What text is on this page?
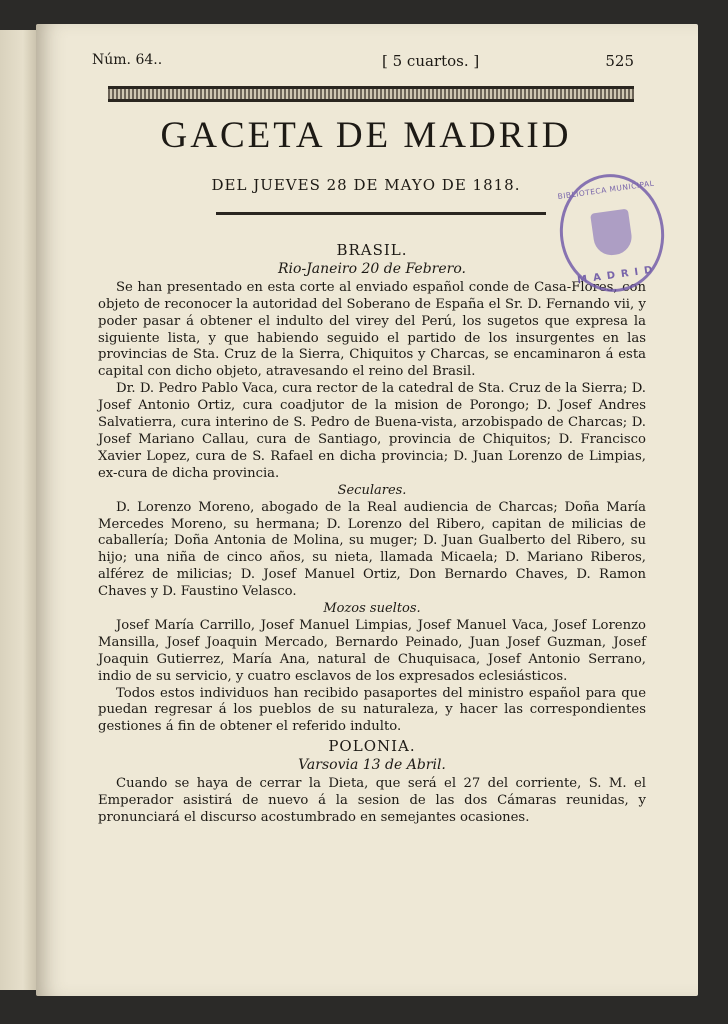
Núm. 64..	[ 5 cuartos. ]	525
GACETA DE MADRID
DEL JUEVES 28 DE MAYO DE 1818.
BRASIL.
Rio-Janeiro 20 de Febrero.

Se han presentado en esta corte al enviado español conde de Casa-Flores, con objeto de reconocer la autoridad del Soberano de España el Sr. D. Fernando vii, y poder pasar á obtener el indulto del virey del Perú, los sugetos que expresa la siguiente lista, y que habiendo seguido el partido de los insurgentes en las provincias de Sta. Cruz de la Sierra, Chiquitos y Charcas, se encaminaron á esta capital con dicho objeto, atravesando el reino del Brasil.

Dr. D. Pedro Pablo Vaca, cura rector de la catedral de Sta. Cruz de la Sierra; D. Josef Antonio Ortiz, cura coadjutor de la mision de Porongo; D. Josef Andres Salvatierra, cura interino de S. Pedro de Buena-vista, arzobispado de Charcas; D. Josef Mariano Callau, cura de Santiago, provincia de Chiquitos; D. Francisco Xavier Lopez, cura de S. Rafael en dicha provincia; D. Juan Lorenzo de Limpias, ex-cura de dicha provincia.

Seculares.

D. Lorenzo Moreno, abogado de la Real audiencia de Charcas; Doña María Mercedes Moreno, su hermana; D. Lorenzo del Ribero, capitan de milicias de caballería; Doña Antonia de Molina, su muger; D. Juan Gualberto del Ribero, su hijo; una niña de cinco años, su nieta, llamada Micaela; D. Mariano Riberos, alférez de milicias; D. Josef Manuel Ortiz, Don Bernardo Chaves, D. Ramon Chaves y D. Faustino Velasco.

Mozos sueltos.

Josef María Carrillo, Josef Manuel Limpias, Josef Manuel Vaca, Josef Lorenzo Mansilla, Josef Joaquin Mercado, Bernardo Peinado, Juan Josef Guzman, Josef Joaquin Gutierrez, María Ana, natural de Chuquisaca, Josef Antonio Serrano, indio de su servicio, y cuatro esclavos de los expresados eclesiásticos.

Todos estos individuos han recibido pasaportes del ministro español para que puedan regresar á los pueblos de su naturaleza, y hacer las correspondientes gestiones á fin de obtener el referido indulto.

POLONIA.
Varsovia 13 de Abril.

Cuando se haya de cerrar la Dieta, que será el 27 del corriente, S. M. el Emperador asistirá de nuevo á la sesion de las dos Cámaras reunidas, y pronunciará el discurso acostumbrado en semejantes ocasiones.

BIBLIOTECA MUNICIPAL
MADRID
